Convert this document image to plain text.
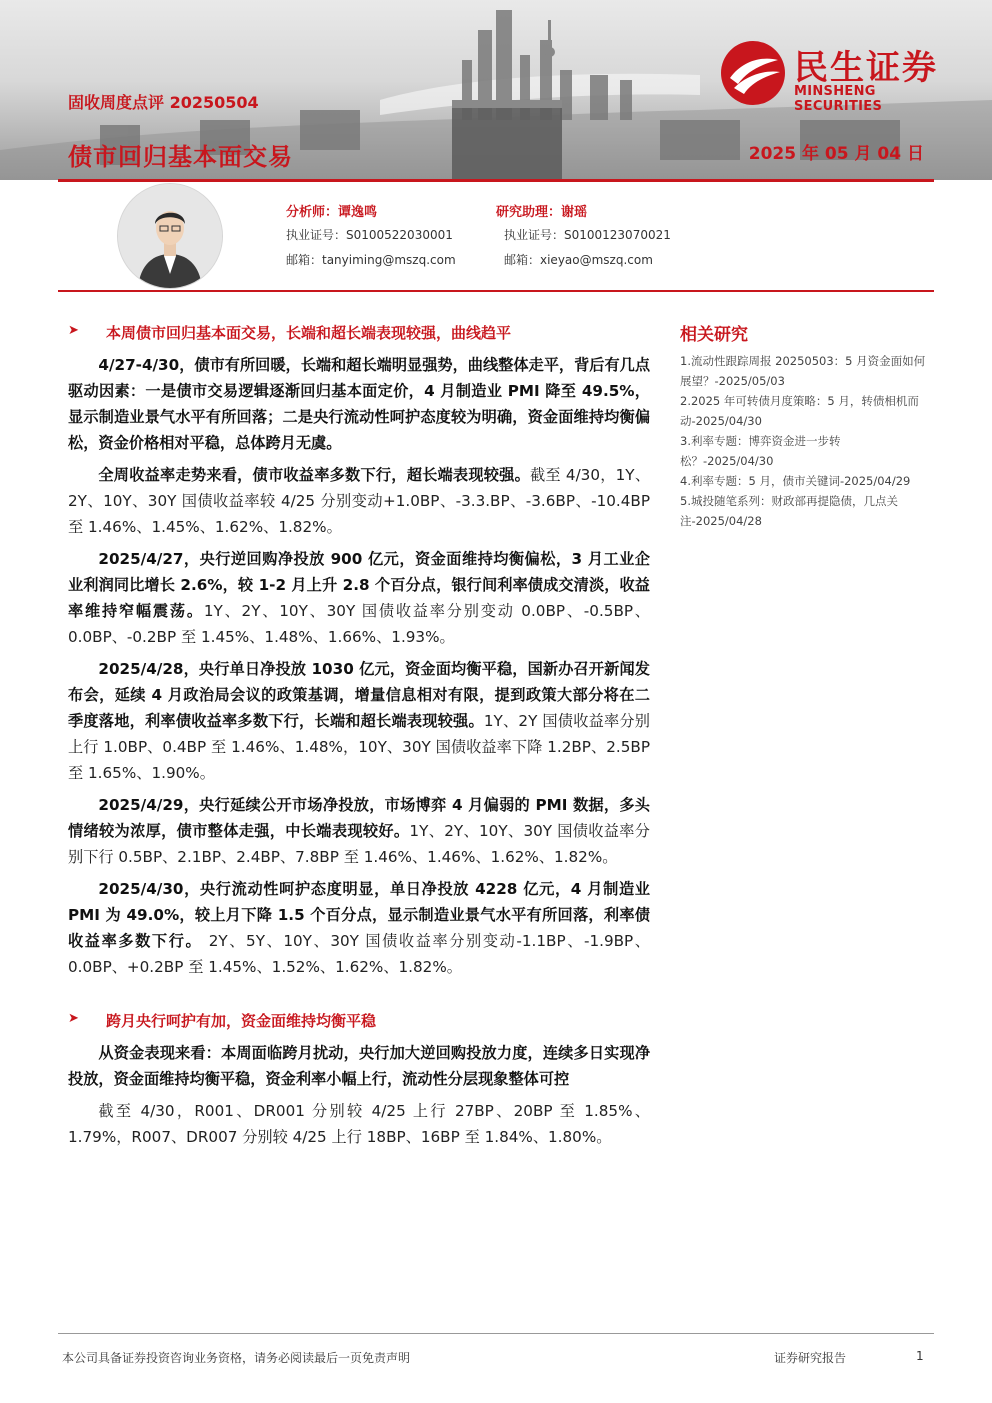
民生证券
MINSHENG SECURITIES
固收周度点评 20250504
债市回归基本面交易	2025 年 05 月 04 日
分析师：谭逸鸣
执业证号：S0100522030001
邮箱：tanyiming@mszq.com
研究助理：谢瑶
执业证号：S0100123070021
邮箱：xieyao@mszq.com
➤ 本周债市回归基本面交易，长端和超长端表现较强，曲线趋平

4/27-4/30，债市有所回暖，长端和超长端明显强势，曲线整体走平，背后有几点驱动因素：一是债市交易逻辑逐渐回归基本面定价，4 月制造业 PMI 降至 49.5%，显示制造业景气水平有所回落；二是央行流动性呵护态度较为明确，资金面维持均衡偏松，资金价格相对平稳，总体跨月无虞。

全周收益率走势来看，债市收益率多数下行，超长端表现较强。截至 4/30，1Y、2Y、10Y、30Y 国债收益率较 4/25 分别变动+1.0BP、-3.3.BP、-3.6BP、-10.4BP 至 1.46%、1.45%、1.62%、1.82%。

2025/4/27，央行逆回购净投放 900 亿元，资金面维持均衡偏松，3 月工业企业利润同比增长 2.6%，较 1-2 月上升 2.8 个百分点，银行间利率债成交清淡，收益率维持窄幅震荡。1Y、2Y、10Y、30Y 国债收益率分别变动 0.0BP、-0.5BP、0.0BP、-0.2BP 至 1.45%、1.48%、1.66%、1.93%。

2025/4/28，央行单日净投放 1030 亿元，资金面均衡平稳，国新办召开新闻发布会，延续 4 月政治局会议的政策基调，增量信息相对有限，提到政策大部分将在二季度落地，利率债收益率多数下行，长端和超长端表现较强。1Y、2Y 国债收益率分别上行 1.0BP、0.4BP 至 1.46%、1.48%，10Y、30Y 国债收益率下降 1.2BP、2.5BP 至 1.65%、1.90%。

2025/4/29，央行延续公开市场净投放，市场博弈 4 月偏弱的 PMI 数据，多头情绪较为浓厚，债市整体走强，中长端表现较好。1Y、2Y、10Y、30Y 国债收益率分别下行 0.5BP、2.1BP、2.4BP、7.8BP 至 1.46%、1.46%、1.62%、1.82%。

2025/4/30，央行流动性呵护态度明显，单日净投放 4228 亿元，4 月制造业 PMI 为 49.0%，较上月下降 1.5 个百分点，显示制造业景气水平有所回落，利率债收益率多数下行。 2Y、5Y、10Y、30Y 国债收益率分别变动-1.1BP、-1.9BP、0.0BP、+0.2BP 至 1.45%、1.52%、1.62%、1.82%。

➤ 跨月央行呵护有加，资金面维持均衡平稳

从资金表现来看：本周面临跨月扰动，央行加大逆回购投放力度，连续多日实现净投放，资金面维持均衡平稳，资金利率小幅上行，流动性分层现象整体可控

截至 4/30，R001、DR001 分别较 4/25 上行 27BP、20BP 至 1.85%、1.79%，R007、DR007 分别较 4/25 上行 18BP、16BP 至 1.84%、1.80%。

相关研究
1.流动性跟踪周报 20250503：5 月资金面如何展望？-2025/05/03
2.2025 年可转债月度策略：5 月，转债相机而动-2025/04/30
3.利率专题：博弈资金进一步转松？-2025/04/30
4.利率专题：5 月，债市关键词-2025/04/29
5.城投随笔系列：财政部再提隐债，几点关注-2025/04/28
本公司具备证券投资咨询业务资格，请务必阅读最后一页免责声明	证券研究报告	1
